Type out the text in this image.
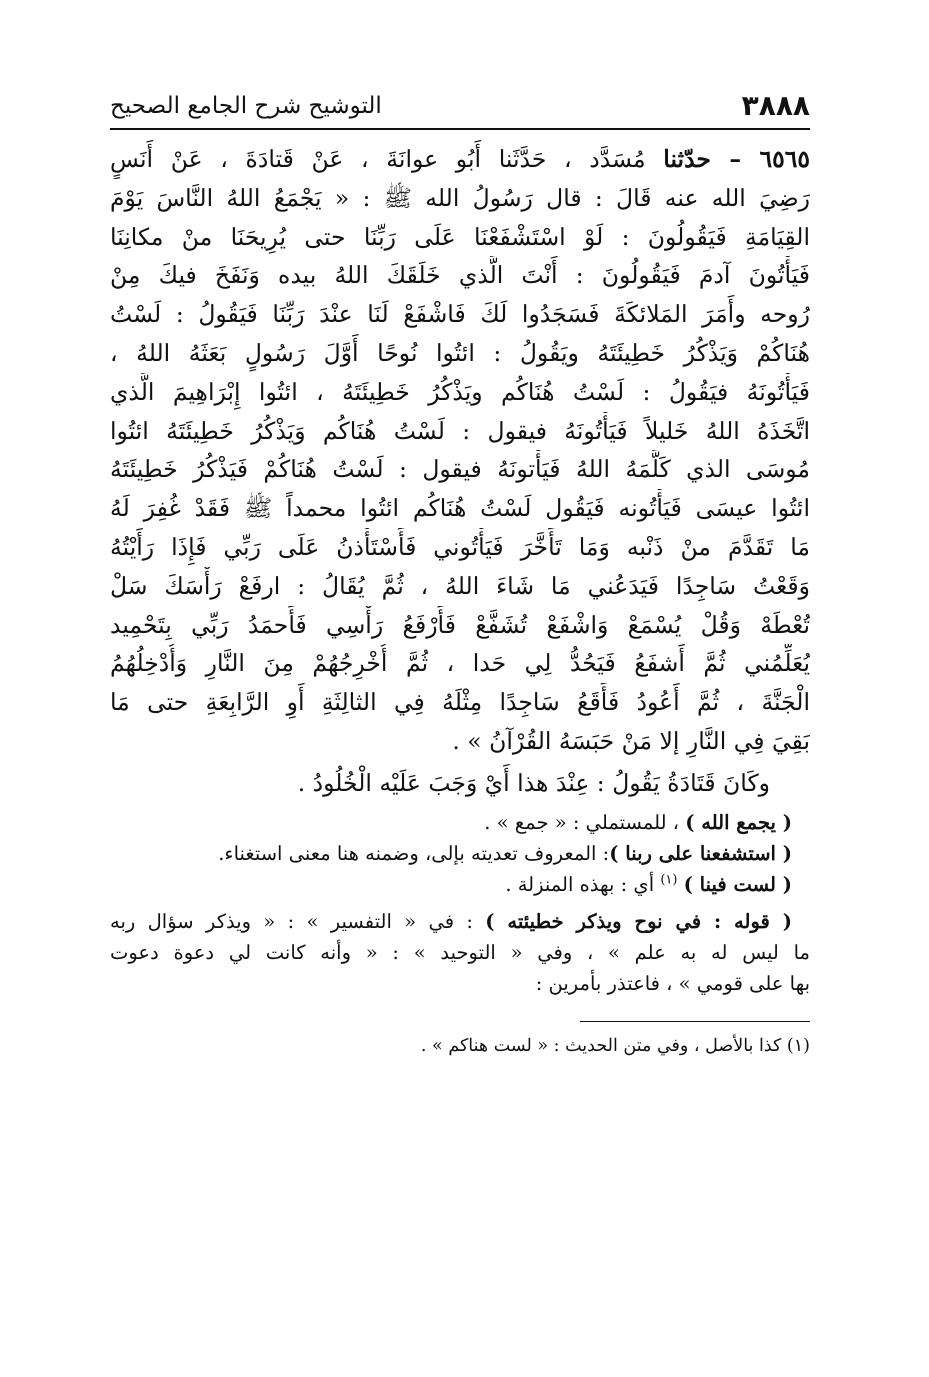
٣٨٨٨
التوشيح شرح الجامع الصحيح
٦٥٦٥ – حدّثنا مُسَدَّد ، حَدَّثَنا أَبُو عوانَةَ ، عَنْ قَتادَةَ ، عَنْ أَنَسٍ
رَضِيَ الله عنه قَالَ : قال رَسُولُ الله ﷺ : « يَجْمَعُ اللهُ النَّاسَ يَوْمَ
القِيَامَةِ فَيَقُولُونَ : لَوْ اسْتَشْفَعْنَا عَلَى رَبِّنَا حتى يُرِيحَنَا منْ مكانِنَا
فَيَأْتُونَ آدمَ فَيَقُولُونَ : أَنْتَ الَّذي خَلَقَكَ اللهُ بيده وَنَفَخَ فيكَ مِنْ
رُوحه وأَمَرَ المَلائكَةَ فَسَجَدُوا لَكَ فَاشْفَعْ لَنَا عنْدَ رَبِّنَا فَيَقُولُ : لَسْتُ
هُنَاكُمْ وَيَذْكُرُ خَطِيئَتَهُ ويَقُولُ : ائتُوا نُوحًا أَوَّلَ رَسُولٍ بَعَثَهُ اللهُ ،
فَيَأْتُونَهُ فيَقُولُ : لَسْتُ هُنَاكُم ويَذْكُرُ خَطِيئَتَهُ ، ائتُوا إِبْرَاهِيمَ الَّذي
اتَّخَذَهُ اللهُ خَليلاً فَيَأْتُونَهُ فيقول : لَسْتُ هُنَاكُم وَيَذْكُرُ خَطِيئَتَهُ ائتُوا
مُوسَى الذي كَلَّمَهُ اللهُ فَيَأْتونَهُ فيقول : لَسْتُ هُنَاكُمْ فَيَذْكُرُ خَطِيئَتَهُ
ائتُوا عيسَى فَيَأْتُونه فَيَقُول لَسْتُ هُنَاكُم ائتُوا محمداً ﷺ فَقَدْ غُفِرَ لَهُ
مَا تَقَدَّمَ منْ ذَنْبه وَمَا تَأَخَّرَ فَيَأْتُوني فَأَسْتَأْذنُ عَلَى رَبِّي فَإِذَا رَأَيْتُهُ
وَقَعْتُ سَاجِدًا فَيَدَعُني مَا شَاءَ اللهُ ، ثُمَّ يُقَالُ : ارفَعْ رَأْسَكَ سَلْ
تُعْطَهْ وَقُلْ يُسْمَعْ وَاشْفَعْ تُشَفَّعْ فَأَرْفَعُ رَأْسِي فَأَحمَدُ رَبِّي بِتَحْمِيد
يُعَلِّمُني ثُمَّ أَشفَعُ فَيَحُدُّ لِي حَدا ، ثُمَّ أُخْرِجُهُمْ مِنَ النَّارِ وَأُدْخِلُهُمُ
الْجَنَّةَ ، ثُمَّ أَعُودُ فَأَقَعُ سَاجِدًا مِثْلَهُ فِي الثالِثَةِ أَوِ الرَّابِعَةِ حتى مَا
بَقِيَ فِي النَّارِ إلا مَنْ حَبَسَهُ القُرْآنُ » .
وكَانَ قَتَادَةُ يَقُولُ : عِنْدَ هذا أَيْ وَجَبَ عَلَيْه الْخُلُودُ .
( يجمع الله ) ، للمستملي : « جمع » .
( استشفعنا على ربنا ): المعروف تعديته بإلى، وضمنه هنا معنى استغناء.
( لست فينا ) $^{(١)}$ أي : بهذه المنزلة .
( قوله : في نوح ويذكر خطيئته ) : في « التفسير » : « ويذكر سؤال ربه
ما ليس له به علم » ، وفي « التوحيد » : « وأنه كانت لي دعوة دعوت
بها على قومي » ، فاعتذر بأمرين :
(١) كذا بالأصل ، وفي متن الحديث : « لست هناكم » .
